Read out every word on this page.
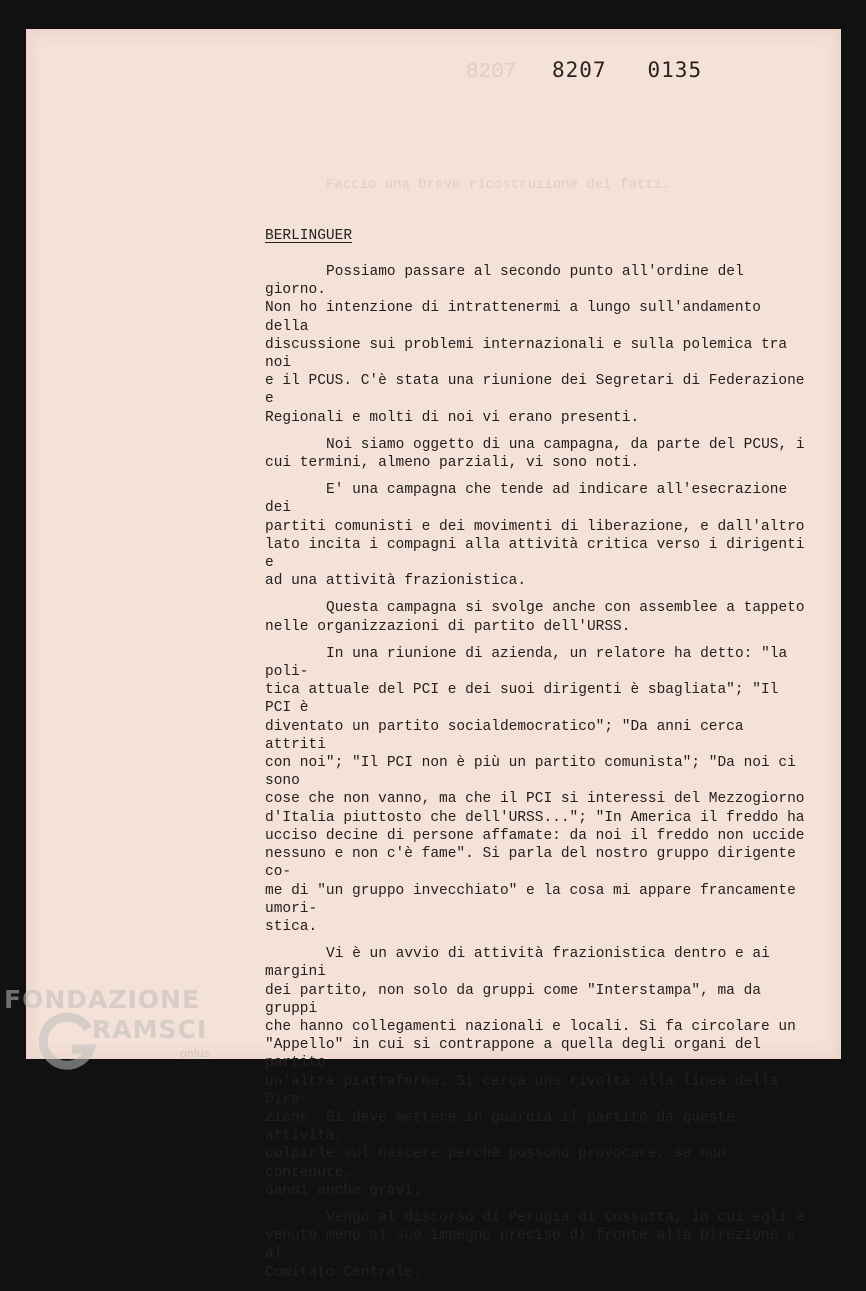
8207
Faccio una breve ricostruzione dei fatti.
8207 0135
BERLINGUER

Possiamo passare al secondo punto all'ordine del giorno.
Non ho intenzione di intrattenermi a lungo sull'andamento della
discussione sui problemi internazionali e sulla polemica tra noi
e il PCUS. C'è stata una riunione dei Segretari di Federazione e
Regionali e molti di noi vi erano presenti.

Noi siamo oggetto di una campagna, da parte del PCUS, i
cui termini, almeno parziali, vi sono noti.

E' una campagna che tende ad indicare all'esecrazione dei
partiti comunisti e dei movimenti di liberazione, e dall'altro
lato incita i compagni alla attività critica verso i dirigenti e
ad una attività frazionistica.

Questa campagna si svolge anche con assemblee a tappeto
nelle organizzazioni di partito dell'URSS.

In una riunione di azienda, un relatore ha detto: "la poli-
tica attuale del PCI e dei suoi dirigenti è sbagliata"; "Il PCI è
diventato un partito socialdemocratico"; "Da anni cerca attriti
con noi"; "Il PCI non è più un partito comunista"; "Da noi ci sono
cose che non vanno, ma che il PCI si interessi del Mezzogiorno
d'Italia piuttosto che dell'URSS..."; "In America il freddo ha
ucciso decine di persone affamate: da noi il freddo non uccide
nessuno e non c'è fame". Si parla del nostro gruppo dirigente co-
me di "un gruppo invecchiato" e la cosa mi appare francamente umori-
stica.

Vi è un avvio di attività frazionistica dentro e ai margini
dei partito, non solo da gruppi come "Interstampa", ma da gruppi
che hanno collegamenti nazionali e locali. Si fa circolare un
"Appello" in cui si contrappone a quella degli organi del partito
un'altra piattaforma. Si cerca una rivolta alla linea della Dire-
zione. Si deve mettere in guardia il partito da queste attività,
colpirle sul nascere perchè possono provocare, se non contenute,
danni anche gravi.

Vengo al discorso di Perugia di Cossutta, in cui egli è
venuto meno al suo impegno preciso di fronte alla Direzione e al
Comitato Centrale.

FONDAZIONE
RAMSCI
onlus
